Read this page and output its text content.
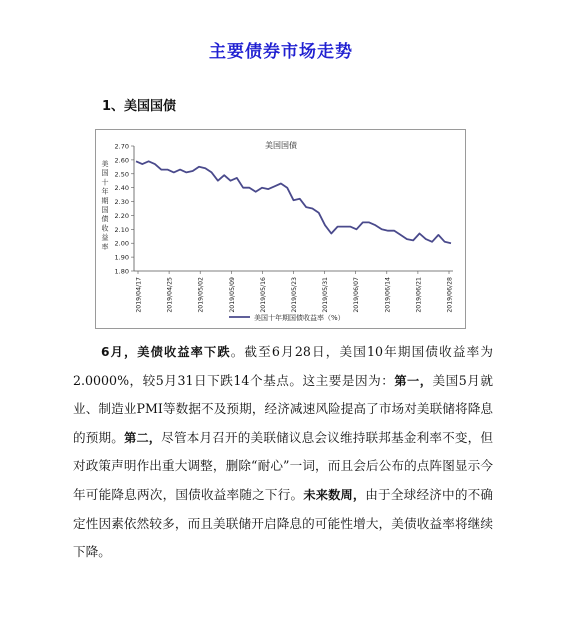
主要债券市场走势
1、美国国债
美国国债
美
国
十
年
期
国
债
收
益
率
2.70
2.60
2.50
2.40
2.30
2.20
2.10
2.00
1.90
1.80
2019/04/17	2019/04/25	2019/05/02	2019/05/09	2019/05/16	2019/05/23	2019/05/31	2019/06/07	2019/06/14	2019/06/21	2019/06/28
美国十年期国债收益率（%）

6月，美债收益率下跌。截至6月28日，美国10年期国债收益率为2.0000%，较5月31日下跌14个基点。这主要是因为：第一，美国5月就业、制造业PMI等数据不及预期，经济减速风险提高了市场对美联储将降息的预期。第二，尽管本月召开的美联储议息会议维持联邦基金利率不变，但对政策声明作出重大调整，删除“耐心”一词，而且会后公布的点阵图显示今年可能降息两次，国债收益率随之下行。未来数周，由于全球经济中的不确定性因素依然较多，而且美联储开启降息的可能性增大，美债收益率将继续下降。
